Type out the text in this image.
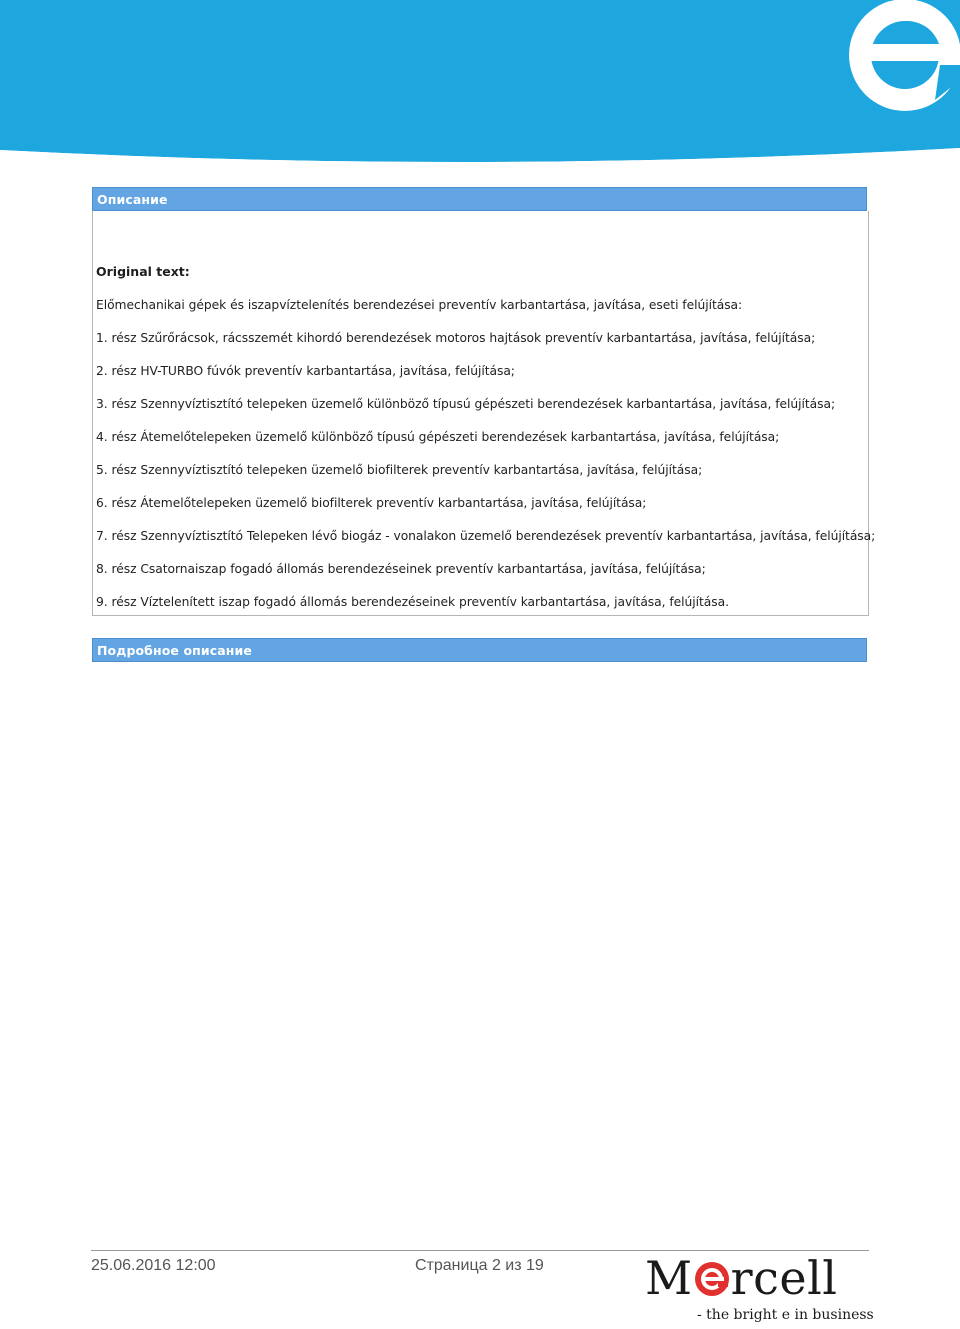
Описание
Original text:
Előmechanikai gépek és iszapvíztelenítés berendezései preventív karbantartása, javítása, eseti felújítása:
1. rész Szűrőrácsok, rácsszemét kihordó berendezések motoros hajtások preventív karbantartása, javítása, felújítása;
2. rész HV-TURBO fúvók preventív karbantartása, javítása, felújítása;
3. rész Szennyvíztisztító telepeken üzemelő különböző típusú gépészeti berendezések karbantartása, javítása, felújítása;
4. rész Átemelőtelepeken üzemelő különböző típusú gépészeti berendezések karbantartása, javítása, felújítása;
5. rész Szennyvíztisztító telepeken üzemelő biofilterek preventív karbantartása, javítása, felújítása;
6. rész Átemelőtelepeken üzemelő biofilterek preventív karbantartása, javítása, felújítása;
7. rész Szennyvíztisztító Telepeken lévő biogáz - vonalakon üzemelő berendezések preventív karbantartása, javítása, felújítása;
8. rész Csatornaiszap fogadó állomás berendezéseinek preventív karbantartása, javítása, felújítása;
9. rész Víztelenített iszap fogadó állomás berendezéseinek preventív karbantartása, javítása, felújítása.
Подробное описание
25.06.2016 12:00	Страница 2 из 19 M rcell
- the bright e in business
